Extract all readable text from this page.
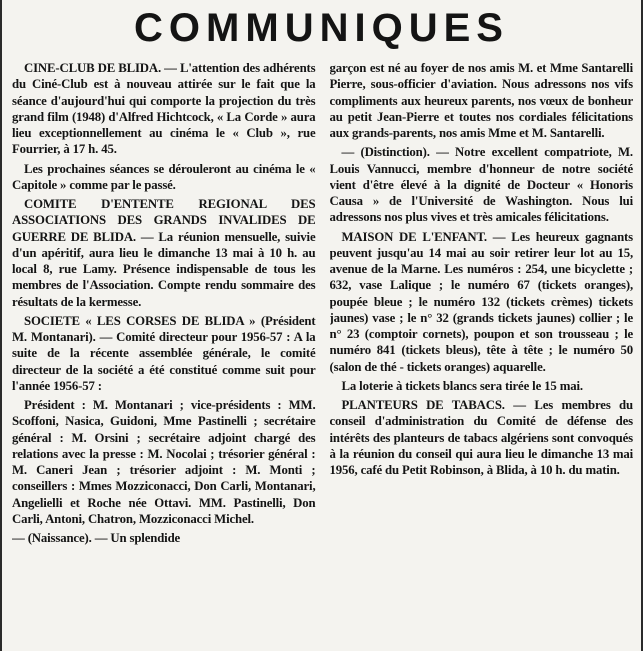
COMMUNIQUES

CINE-CLUB DE BLIDA. — L'attention des adhérents du Ciné-Club est à nouveau attirée sur le fait que la séance d'aujourd'hui qui comporte la projection du très grand film (1948) d'Alfred Hichtcock, « La Corde » aura lieu exceptionnellement au cinéma le « Club », rue Fourrier, à 17 h. 45.

Les prochaines séances se dérouleront au cinéma le « Capitole » comme par le passé.

COMITE D'ENTENTE REGIONAL DES ASSOCIATIONS DES GRANDS INVALIDES DE GUERRE DE BLIDA. — La réunion mensuelle, suivie d'un apéritif, aura lieu le dimanche 13 mai à 10 h. au local 8, rue Lamy. Présence indispensable de tous les membres de l'Association. Compte rendu sommaire des résultats de la kermesse.

SOCIETE « LES CORSES DE BLIDA » (Président M. Montanari). — Comité directeur pour 1956-57 : A la suite de la récente assemblée générale, le comité directeur de la société a été constitué comme suit pour l'année 1956-57 :

Président : M. Montanari ; vice-présidents : MM. Scoffoni, Nasica, Guidoni, Mme Pastinelli ; secrétaire général : M. Orsini ; secrétaire adjoint chargé des relations avec la presse : M. Nocolai ; trésorier général : M. Caneri Jean ; trésorier adjoint : M. Monti ; conseillers : Mmes Mozziconacci, Don Carli, Montanari, Angelielli et Roche née Ottavi. MM. Pastinelli, Don Carli, Antoni, Chatron, Mozziconacci Michel.

— (Naissance). — Un splendide

garçon est né au foyer de nos amis M. et Mme Santarelli Pierre, sous-officier d'aviation. Nous adressons nos vifs compliments aux heureux parents, nos vœux de bonheur au petit Jean-Pierre et toutes nos cordiales félicitations aux grands-parents, nos amis Mme et M. Santarelli.

— (Distinction). — Notre excellent compatriote, M. Louis Vannucci, membre d'honneur de notre société vient d'être élevé à la dignité de Docteur « Honoris Causa » de l'Université de Washington. Nous lui adressons nos plus vives et très amicales félicitations.

MAISON DE L'ENFANT. — Les heureux gagnants peuvent jusqu'au 14 mai au soir retirer leur lot au 15, avenue de la Marne. Les numéros : 254, une bicyclette ; 632, vase Lalique ; le numéro 67 (tickets oranges), poupée bleue ; le numéro 132 (tickets crèmes) tickets jaunes) vase ; le n° 32 (grands tickets jaunes) collier ; le n° 23 (comptoir cornets), poupon et son trousseau ; le numéro 841 (tickets bleus), tête à tête ; le numéro 50 (salon de thé - tickets oranges) aquarelle.

La loterie à tickets blancs sera tirée le 15 mai.

PLANTEURS DE TABACS. — Les membres du conseil d'administration du Comité de défense des intérêts des planteurs de tabacs algériens sont convoqués à la réunion du conseil qui aura lieu le dimanche 13 mai 1956, café du Petit Robinson, à Blida, à 10 h. du matin.
